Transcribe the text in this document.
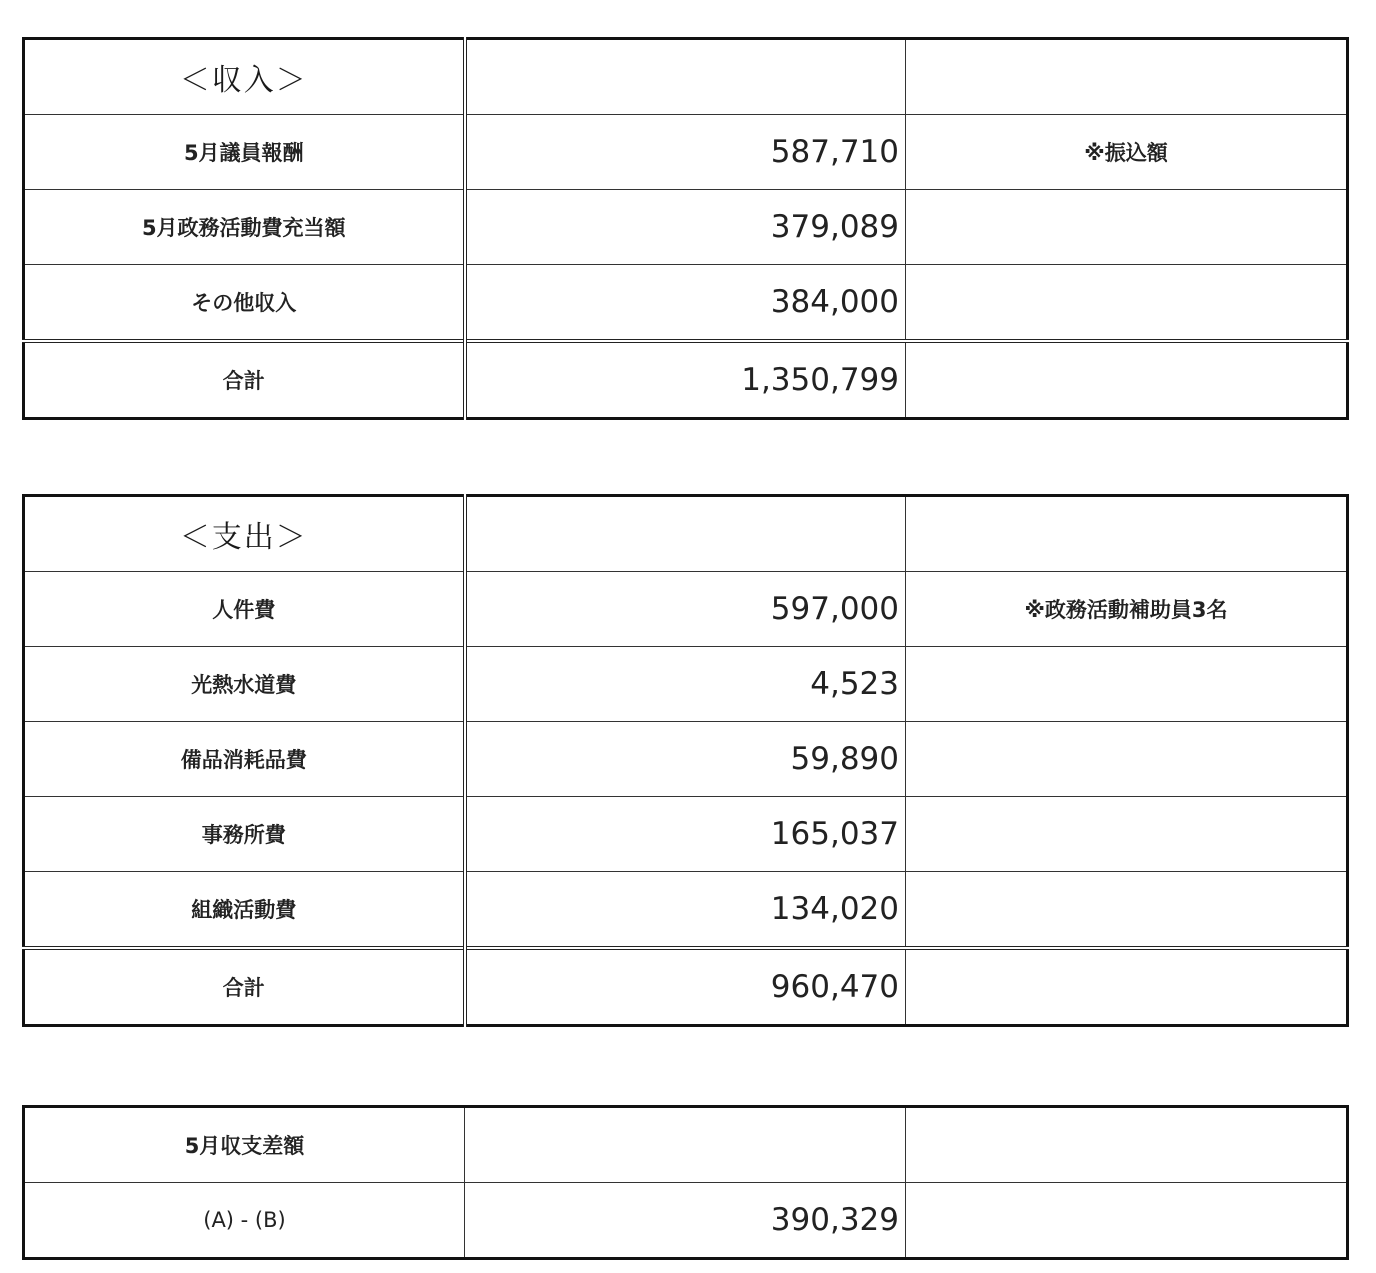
＜収入＞		
5月議員報酬	587,710	※振込額
5月政務活動費充当額	379,089	
その他収入	384,000	
合計	1,350,799	
＜支出＞		
人件費	597,000	※政務活動補助員3名
光熱水道費	4,523	
備品消耗品費	59,890	
事務所費	165,037	
組織活動費	134,020	
合計	960,470	
5月収支差額		
(A) - (B)	390,329	
